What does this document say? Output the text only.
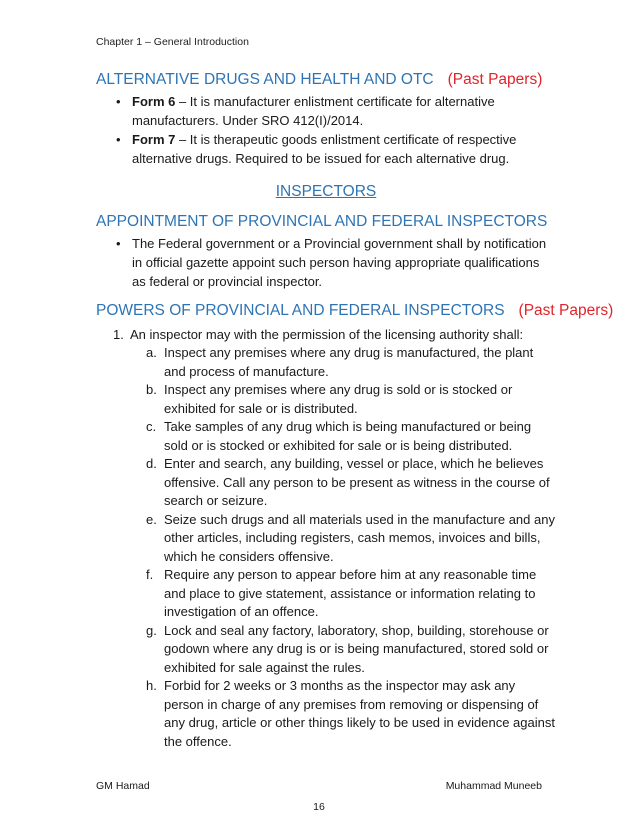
Chapter 1 – General Introduction
ALTERNATIVE DRUGS AND HEALTH AND OTC (Past Papers)
• Form 6 – It is manufacturer enlistment certificate for alternative manufacturers. Under SRO 412(I)/2014.
• Form 7 – It is therapeutic goods enlistment certificate of respective alternative drugs. Required to be issued for each alternative drug.
INSPECTORS
APPOINTMENT OF PROVINCIAL AND FEDERAL INSPECTORS
• The Federal government or a Provincial government shall by notification in official gazette appoint such person having appropriate qualifications as federal or provincial inspector.
POWERS OF PROVINCIAL AND FEDERAL INSPECTORS (Past Papers)
1. An inspector may with the permission of the licensing authority shall:
a. Inspect any premises where any drug is manufactured, the plant and process of manufacture.
b. Inspect any premises where any drug is sold or is stocked or exhibited for sale or is distributed.
c. Take samples of any drug which is being manufactured or being sold or is stocked or exhibited for sale or is being distributed.
d. Enter and search, any building, vessel or place, which he believes offensive. Call any person to be present as witness in the course of search or seizure.
e. Seize such drugs and all materials used in the manufacture and any other articles, including registers, cash memos, invoices and bills, which he considers offensive.
f. Require any person to appear before him at any reasonable time and place to give statement, assistance or information relating to investigation of an offence.
g. Lock and seal any factory, laboratory, shop, building, storehouse or godown where any drug is or is being manufactured, stored sold or exhibited for sale against the rules.
h. Forbid for 2 weeks or 3 months as the inspector may ask any person in charge of any premises from removing or dispensing of any drug, article or other things likely to be used in evidence against the offence.
GM Hamad	Muhammad Muneeb
16
